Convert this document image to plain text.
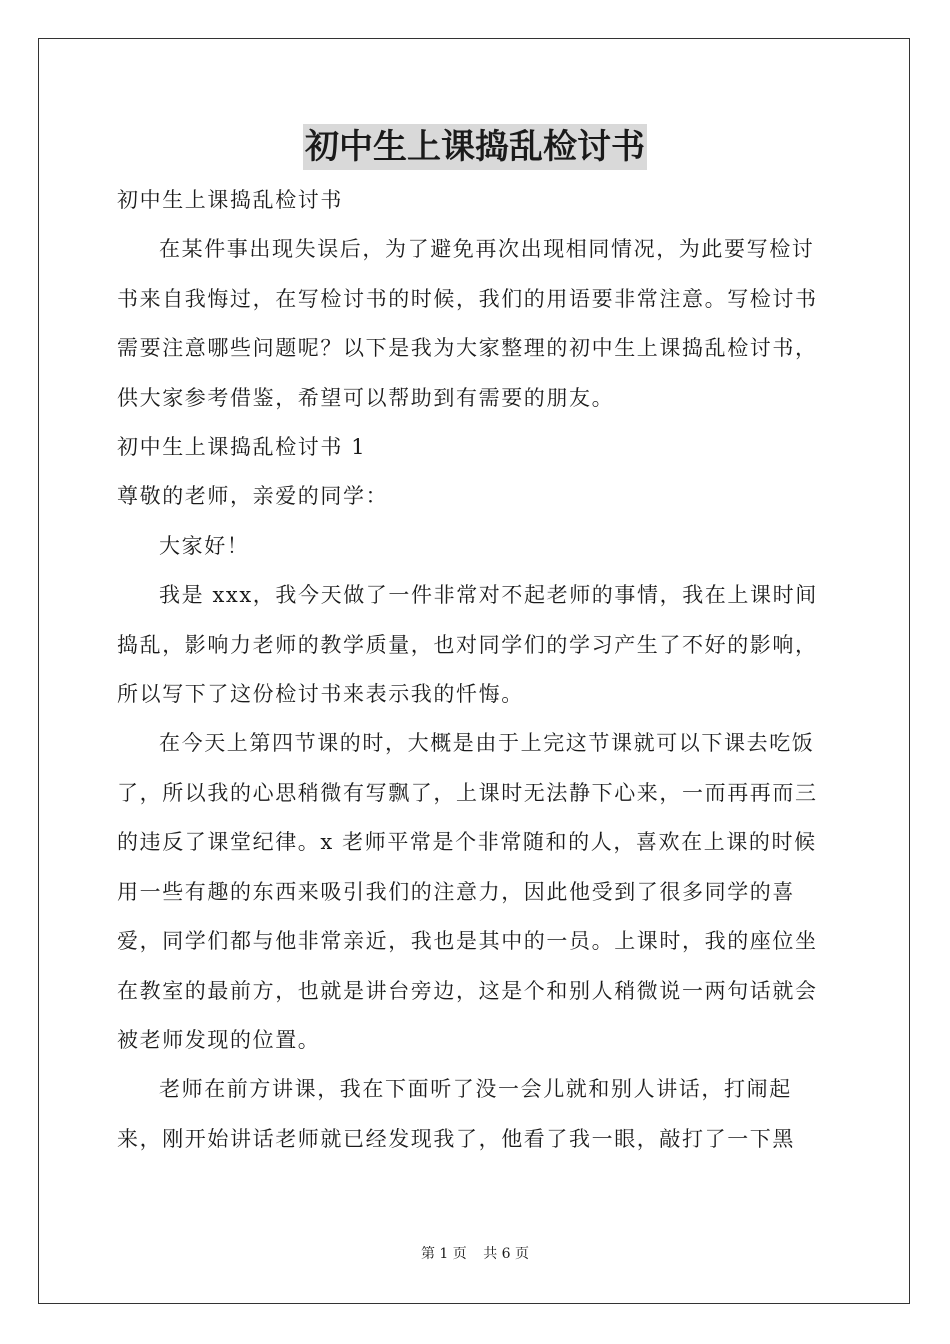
初中生上课捣乱检讨书

初中生上课捣乱检讨书

在某件事出现失误后，为了避免再次出现相同情况，为此要写检讨书来自我悔过，在写检讨书的时候，我们的用语要非常注意。写检讨书需要注意哪些问题呢？以下是我为大家整理的初中生上课捣乱检讨书，供大家参考借鉴，希望可以帮助到有需要的朋友。

初中生上课捣乱检讨书 1

尊敬的老师，亲爱的同学：

大家好！

我是 xxx，我今天做了一件非常对不起老师的事情，我在上课时间捣乱，影响力老师的教学质量，也对同学们的学习产生了不好的影响，所以写下了这份检讨书来表示我的忏悔。

在今天上第四节课的时，大概是由于上完这节课就可以下课去吃饭了，所以我的心思稍微有写飘了，上课时无法静下心来，一而再再而三的违反了课堂纪律。x 老师平常是个非常随和的人，喜欢在上课的时候用一些有趣的东西来吸引我们的注意力，因此他受到了很多同学的喜爱，同学们都与他非常亲近，我也是其中的一员。上课时，我的座位坐在教室的最前方，也就是讲台旁边，这是个和别人稍微说一两句话就会被老师发现的位置。

老师在前方讲课，我在下面听了没一会儿就和别人讲话，打闹起来，刚开始讲话老师就已经发现我了，他看了我一眼，敲打了一下黑

第 1 页 共 6 页
